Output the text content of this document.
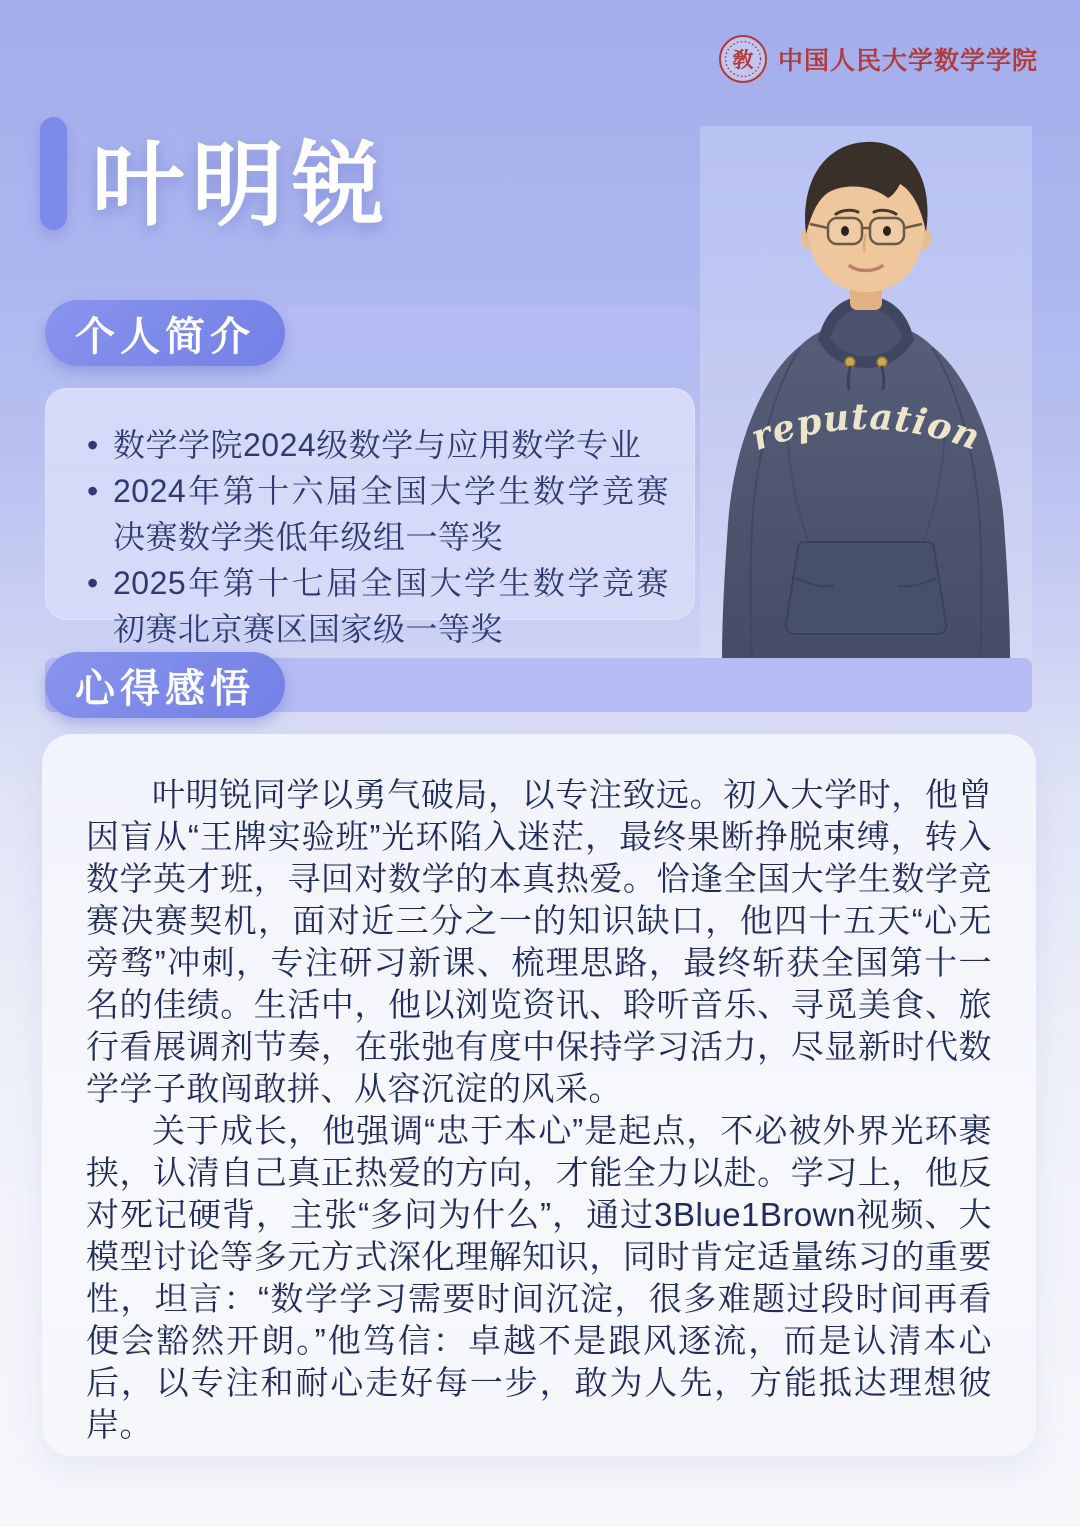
敎 中国人民大学数学学院
叶明锐
个人简介
• 数学学院2024级数学与应用数学专业
• 2024年第十六届全国大学生数学竞赛决赛数学类低年级组一等奖
• 2025年第十七届全国大学生数学竞赛初赛北京赛区国家级一等奖
reputation
心得感悟

叶明锐同学以勇气破局，以专注致远。初入大学时，他曾因盲从“王牌实验班”光环陷入迷茫，最终果断挣脱束缚，转入数学英才班，寻回对数学的本真热爱。恰逢全国大学生数学竞赛决赛契机，面对近三分之一的知识缺口，他四十五天“心无旁骛”冲刺，专注研习新课、梳理思路，最终斩获全国第十一名的佳绩。生活中，他以浏览资讯、聆听音乐、寻觅美食、旅行看展调剂节奏，在张弛有度中保持学习活力，尽显新时代数学学子敢闯敢拼、从容沉淀的风采。

关于成长，他强调“忠于本心”是起点，不必被外界光环裹挟，认清自己真正热爱的方向，才能全力以赴。学习上，他反对死记硬背，主张“多问为什么”，通过3Blue1Brown视频、大模型讨论等多元方式深化理解知识，同时肯定适量练习的重要性，坦言：“数学学习需要时间沉淀，很多难题过段时间再看便会豁然开朗。”他笃信：卓越不是跟风逐流，而是认清本心后，以专注和耐心走好每一步，敢为人先，方能抵达理想彼岸。
